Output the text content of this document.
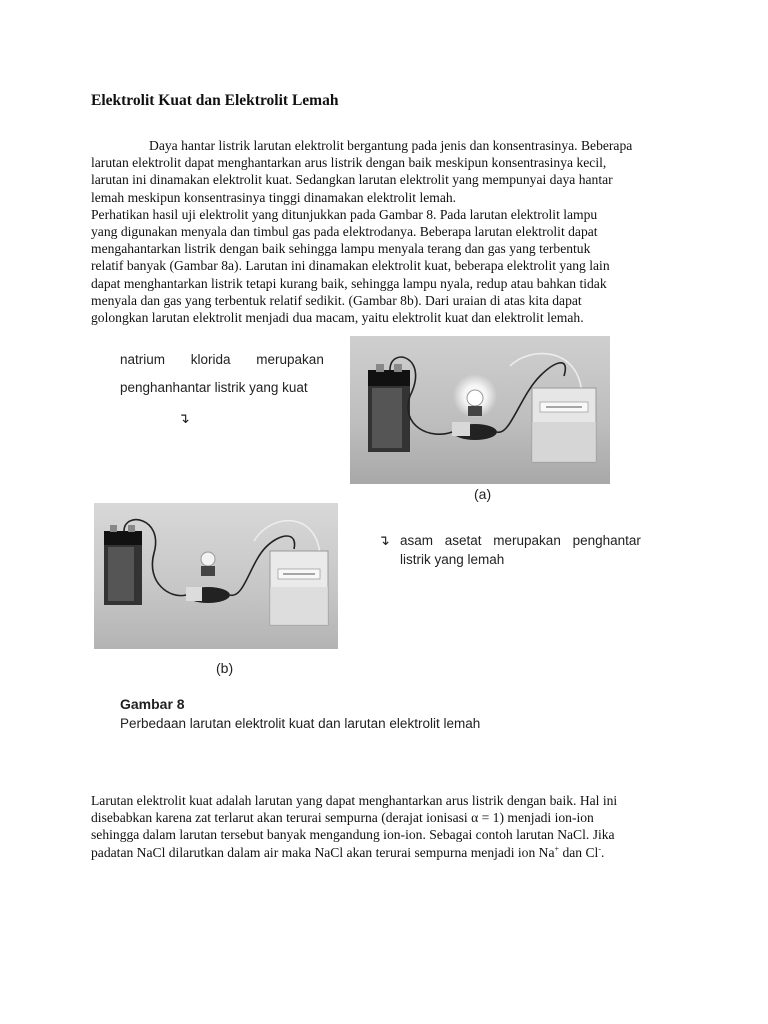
Elektrolit Kuat dan Elektrolit Lemah
Daya hantar listrik larutan elektrolit bergantung pada jenis dan konsentrasinya. Beberapa
larutan elektrolit dapat menghantarkan arus listrik dengan baik meskipun konsentrasinya kecil,
larutan ini dinamakan elektrolit kuat. Sedangkan larutan elektrolit yang mempunyai daya hantar
lemah meskipun konsentrasinya tinggi dinamakan elektrolit lemah.
Perhatikan hasil uji elektrolit yang ditunjukkan pada Gambar 8. Pada larutan elektrolit lampu
yang digunakan menyala dan timbul gas pada elektrodanya. Beberapa larutan elektrolit dapat
mengahantarkan listrik dengan baik sehingga lampu menyala terang dan gas yang terbentuk
relatif banyak (Gambar 8a). Larutan ini dinamakan elektrolit kuat, beberapa elektrolit yang lain
dapat menghantarkan listrik tetapi kurang baik, sehingga lampu nyala, redup atau bahkan tidak
menyala dan gas yang terbentuk relatif sedikit. (Gambar 8b). Dari uraian di atas kita dapat
golongkan larutan elektrolit menjadi dua macam, yaitu elektrolit kuat dan elektrolit lemah.
natrium klorida merupakan
penghanhantar listrik yang kuat
↴
(a)
↴ asam asetat merupakan penghantar
listrik yang lemah
(b)
Gambar 8
Perbedaan larutan elektrolit kuat dan larutan elektrolit lemah
Larutan elektrolit kuat adalah larutan yang dapat menghantarkan arus listrik dengan baik. Hal ini
disebabkan karena zat terlarut akan terurai sempurna (derajat ionisasi α = 1) menjadi ion-ion
sehingga dalam larutan tersebut banyak mengandung ion-ion. Sebagai contoh larutan NaCl. Jika
padatan NaCl dilarutkan dalam air maka NaCl akan terurai sempurna menjadi ion Na+ dan Cl-.
